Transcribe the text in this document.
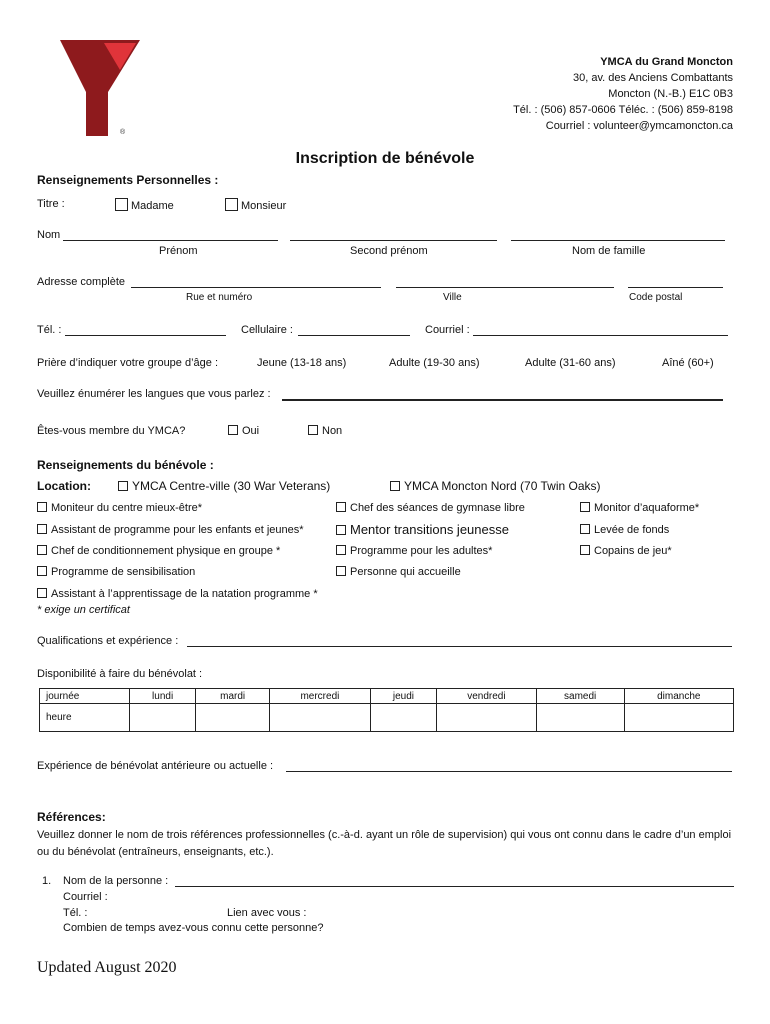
®
YMCA du Grand Moncton
30, av. des Anciens Combattants
Moncton (N.-B.) E1C 0B3
Tél. : (506) 857-0606 Téléc. : (506) 859-8198
Courriel : volunteer@ymcamoncton.ca
Inscription de bénévole
Renseignements Personnelles :
Titre :	Madame	Monsieur
Nom
Prénom	Second prénom	Nom de famille
Adresse complète
Rue et numéro	Ville	Code postal
Tél. :	Cellulaire :	Courriel :
Prière d’indiquer votre groupe d’âge :	Jeune (13-18 ans)	Adulte (19-30 ans)	Adulte (31-60 ans)	Aîné (60+)
Veuillez énumérer les langues que vous parlez :
Êtes-vous membre du YMCA?	Oui	Non
Renseignements du bénévole :
Location:	YMCA Centre-ville (30 War Veterans)	YMCA Moncton Nord (70 Twin Oaks)
Moniteur du centre mieux-être*
Assistant de programme pour les enfants et jeunes*
Chef de conditionnement physique en groupe *
Programme de sensibilisation
Assistant à l’apprentissage de la natation programme *
Chef des séances de gymnase libre
Mentor transitions jeunesse
Programme pour les adultes*
Personne qui accueille
Monitor d’aquaforme*
Levée de fonds
Copains de jeu*
* exige un certificat
Qualifications et expérience :
Disponibilité à faire du bénévolat :
journée	lundi	mardi	mercredi	jeudi	vendredi	samedi	dimanche
heure							
Expérience de bénévolat antérieure ou actuelle :
Références:
Veuillez donner le nom de trois références professionnelles (c.-à-d. ayant un rôle de supervision) qui vous ont connu dans le cadre d’un emploi ou du bénévolat (entraîneurs, enseignants, etc.).
1. Nom de la personne :
Courriel :
Tél. :	Lien avec vous :
Combien de temps avez-vous connu cette personne?
Updated August 2020
